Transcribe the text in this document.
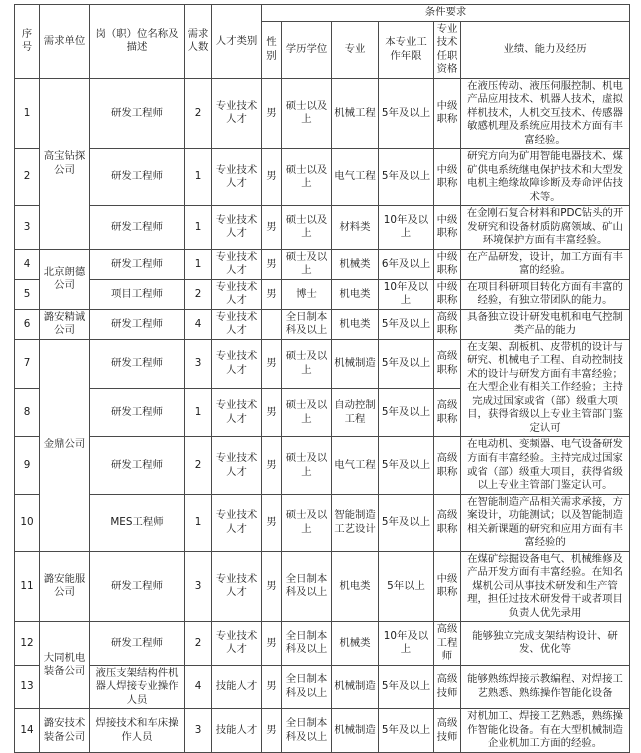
序号	需求单位	岗（职）位名称及描述	需求人数	人才类别	条件要求					
					性别	学历学位	专业	本专业工作年限	专业技术任职资格	业绩、能力及经历
1	高宝钻探公司	研发工程师	2	专业技术人才	男	硕士以及上	机械工程	5年及以上	中级职称	在液压传动、液压伺服控制、机电产品应用技术、机器人技术，虚拟样机技术，人机交互技术、传感器敏感机理及系统应用技术方面有丰富经验。
2		研发工程师	1	专业技术人才	男	硕士以及上	电气工程	5年及以上	中级职称	研究方向为矿用智能电器技术、煤矿供电系统继电保护技术和大型发电机主绝缘故障诊断及寿命评估技术等。
3		研发工程师	1	专业技术人才	男	硕士以及上	材料类	10年及以上	中级职称	在金刚石复合材料和PDC钻头的开发研究和设备材质防腐领域、矿山环境保护方面有丰富经验。
4	北京朗德公司	研发工程师	1	专业技术人才	男	硕士及以上	机械类	6年及以上	中级职称	在产品研发，设计，加工方面有丰富的经验。
5		项目工程师	2	专业技术人才	男	博士	机电类	10年及以上	中级职称	在项目科研项目转化方面有丰富的经验，有独立带团队的能力。
6	潞安精诚公司	研发工程师	4	专业技术人才		全日制本科及以上	机电类	5年及以上	高级职称	具备独立设计研发电机和电气控制类产品的能力
7	金鼎公司	研发工程师	3	专业技术人才	男	硕士及以上	机械制造	5年及以上	高级职称	在支架、刮板机、皮带机的设计与研究、机械电子工程、自动控制技术的设计与研发方面有丰富经验；在大型企业有相关工作经验；主持完成过国家或省（部）级重大项目，获得省级以上专业主管部门鉴定认可
8		研发工程师	1	专业技术人才	男	硕士及以上	自动控制工程	5年及以上	高级职称	
9		研发工程师	2	专业技术人才	男	硕士及以上	电气工程	5年及以上	高级职称	在电动机、变频器、电气设备研发方面有丰富经验。主持完成过国家或省（部）级重大项目，获得省级以上专业主管部门鉴定认可。
10		MES工程师	1	专业技术人才	男	硕士及以上	智能制造工艺设计	5年及以上	高级职称	在智能制造产品相关需求承接，方案设计，功能测试；以及智能制造相关新课题的研究和应用方面有丰富经验的
11	潞安能服公司	研发工程师	3	专业技术人才	男	全日制本科及以上	机电类	5年以上	中级职称	在煤矿综掘设备电气、机械维修及产品开发方面有丰富经验。在知名煤机公司从事技术研发和生产管理，担任过技术研发骨干或者项目负责人优先录用
12	大同机电装备公司	研发工程师	2	专业技术人才	男	全日制本科及以上	机械类	10年及以上	高级工程师	能够独立完成支架结构设计、研发、优化等
13		液压支架结构件机器人焊接专业操作人员	4	技能人才	男	全日制本科及以上	机械制造	5年及以上	高级技师	能够熟练焊接示教编程、对焊接工艺熟悉、熟练操作智能化设备
14	潞安技术装备公司	焊接技术和车床操作人员	3	技能人才	男	全日制本科及以上	机械制造	5年及以上	高级技师	对机加工、焊接工艺熟悉，熟练操作智能化设备。有在大型机械制造企业机加工方面的经验。
